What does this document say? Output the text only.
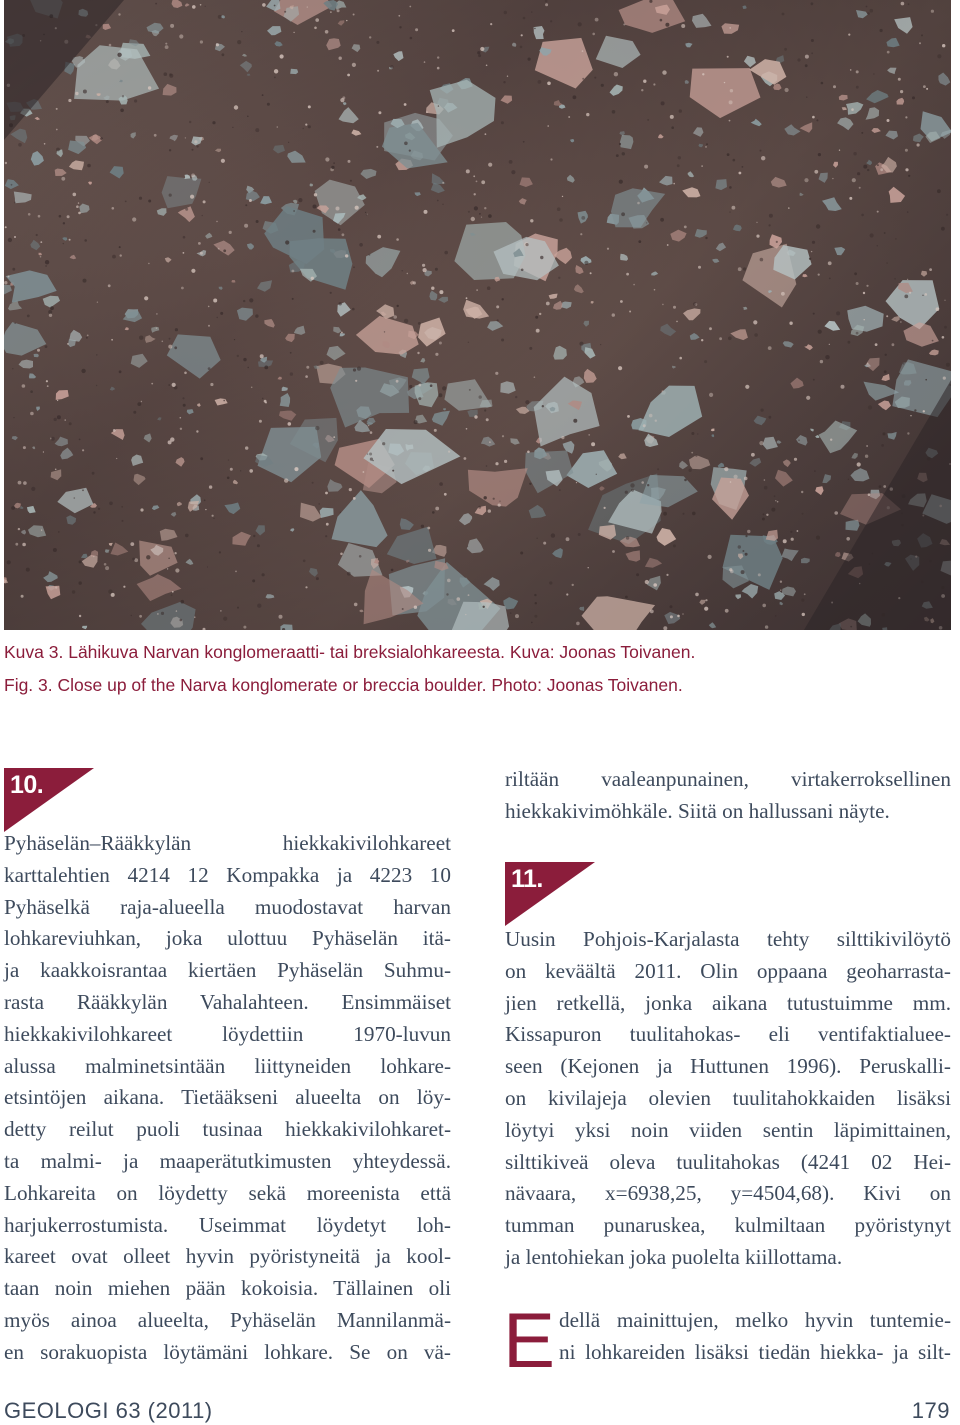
Kuva 3. Lähikuva Narvan konglomeraatti- tai breksialohkareesta. Kuva: Joonas Toivanen.
Fig. 3. Close up of the Narva konglomerate or breccia boulder. Photo: Joonas Toivanen.
10.
Pyhäselän–Rääkkylän hiekkakivilohkareet
karttalehtien 4214 12 Kompakka ja 4223 10
Pyhäselkä raja-alueella muodostavat harvan
lohkareviuhkan, joka ulottuu Pyhäselän itä-
ja kaakkoisrantaa kiertäen Pyhäselän Suhmu-
rasta Rääkkylän Vahalahteen. Ensimmäiset
hiekkakivilohkareet löydettiin 1970-luvun
alussa malminetsintään liittyneiden lohkare-
etsintöjen aikana. Tietääkseni alueelta on löy-
detty reilut puoli tusinaa hiekkakivilohkaret-
ta malmi- ja maaperätutkimusten yhteydessä.
Lohkareita on löydetty sekä moreenista että
harjukerrostumista. Useimmat löydetyt loh-
kareet ovat olleet hyvin pyöristyneitä ja kool-
taan noin miehen pään kokoisia. Tällainen oli
myös ainoa alueelta, Pyhäselän Mannilanmä-
en sorakuopista löytämäni lohkare. Se on vä-
riltään vaaleanpunainen, virtakerroksellinen
hiekkakivimöhkäle. Siitä on hallussani näyte.
11.
Uusin Pohjois-Karjalasta tehty silttikivilöytö
on keväältä 2011. Olin oppaana geoharrasta-
jien retkellä, jonka aikana tutustuimme mm.
Kissapuron tuulitahokas- eli ventifaktialuee-
seen (Kejonen ja Huttunen 1996). Peruskalli-
on kivilajeja olevien tuulitahokkaiden lisäksi
löytyi yksi noin viiden sentin läpimittainen,
silttikiveä oleva tuulitahokas (4241 02 Hei-
nävaara, x=6938,25, y=4504,68). Kivi on
tumman punaruskea, kulmiltaan pyöristynyt
ja lentohiekan joka puolelta kiillottama.
E dellä mainittujen, melko hyvin tuntemie-
ni lohkareiden lisäksi tiedän hiekka- ja silt-
GEOLOGI 63 (2011)	179
